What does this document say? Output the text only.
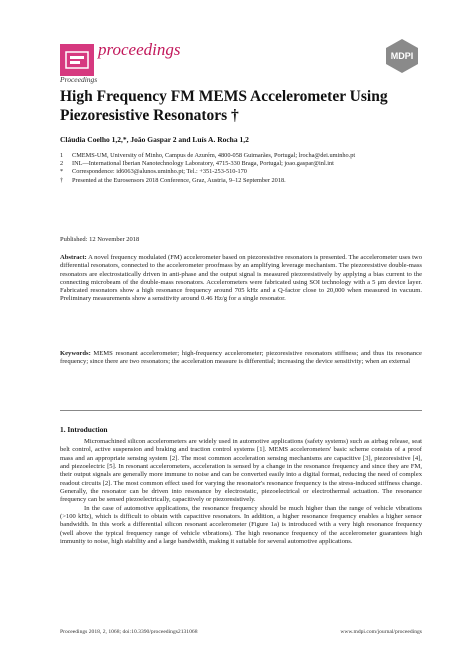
proceedings	MDPI
Proceedings
High Frequency FM MEMS Accelerometer Using Piezoresistive Resonators †
Cláudia Coelho 1,2,*, João Gaspar 2 and Luís A. Rocha 1,2
1	CMEMS-UM, University of Minho, Campus de Azurém, 4800-058 Guimarães, Portugal; lrocha@dei.uminho.pt
2	INL—International Iberian Nanotechnology Laboratory, 4715-330 Braga, Portugal; joao.gaspar@inl.int
*	Correspondence: id6063@alunos.uminho.pt; Tel.: +351-253-510-170
†	Presented at the Eurosensors 2018 Conference, Graz, Austria, 9–12 September 2018.
Published: 12 November 2018
Abstract: A novel frequency modulated (FM) accelerometer based on piezoresistive resonators is presented. The accelerometer uses two differential resonators, connected to the accelerometer proofmass by an amplifying leverage mechanism. The piezoresistive double-mass resonators are electrostatically driven in anti-phase and the output signal is measured piezoresistively by applying a bias current to the connecting microbeam of the double-mass resonators. Accelerometers were fabricated using SOI technology with a 5 μm device layer. Fabricated resonators show a high resonance frequency around 705 kHz and a Q-factor close to 20,000 when measured in vacuum. Preliminary measurements show a sensitivity around 0.46 Hz/g for a single resonator.
Keywords: MEMS resonant accelerometer; high-frequency accelerometer; piezoresistive resonators stiffness; and thus its resonance frequency; since there are two resonators; the acceleration measure is differential; increasing the device sensitivity; when an external
1. Introduction

Micromachined silicon accelerometers are widely used in automotive applications (safety systems) such as airbag release, seat belt control, active suspension and braking and traction control systems [1]. MEMS accelerometers' basic scheme consists of a proof mass and an appropriate sensing system [2]. The most common acceleration sensing mechanisms are capacitive [3], piezoresistive [4], and piezoelectric [5]. In resonant accelerometers, acceleration is sensed by a change in the resonance frequency and since they are FM, their output signals are generally more immune to noise and can be converted easily into a digital format, reducing the need of complex readout circuits [2]. The most common effect used for varying the resonator's resonance frequency is the stress-induced stiffness change. Generally, the resonator can be driven into resonance by electrostatic, piezoelectrical or electrothermal actuation. The resonance frequency can be sensed piezoelectrically, capacitively or piezoresistively.

In the case of automotive applications, the resonance frequency should be much higher than the range of vehicle vibrations (>100 kHz), which is difficult to obtain with capacitive resonators. In addition, a higher resonance frequency enables a higher sensor bandwidth. In this work a differential silicon resonant accelerometer (Figure 1a) is introduced with a very high resonance frequency (well above the typical frequency range of vehicle vibrations). The high resonance frequency of the accelerometer guarantees high immunity to noise, high stability and a large bandwidth, making it suitable for several automotive applications.

Proceedings 2018, 2, 1068; doi:10.3390/proceedings2131068	www.mdpi.com/journal/proceedings
